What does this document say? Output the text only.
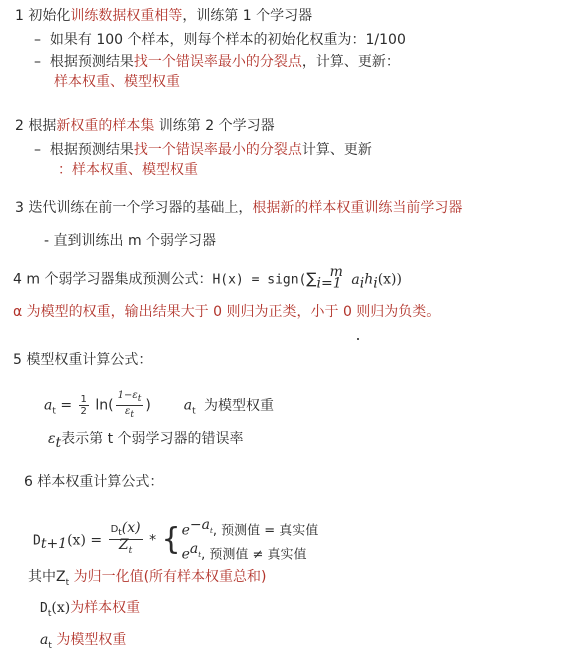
1 初始化训练数据权重相等，训练第 1 个学习器
–  如果有 100 个样本，则每个样本的初始化权重为：1/100
–  根据预测结果找一个错误率最小的分裂点，计算、更新：
样本权重、模型权重
2 根据新权重的样本集 训练第 2 个学习器
–  根据预测结果找一个错误率最小的分裂点计算、更新
：样本权重、模型权重
3 迭代训练在前一个学习器的基础上，根据新的样本权重训练当前学习器
- 直到训练出 m 个弱学习器
4 m 个弱学习器集成预测公式：$H(x) = sign(\sum_{i=1}^m$ $a_ih_i(x)$)
α 为模型的权重，输出结果大于 0 则归为正类，小于 0 则归为负类。
5 模型权重计算公式：
$a_t = \frac{1}{2} \ln( \frac{1-\varepsilon_t}{\varepsilon_t}$ ) $a_t$ 为模型权重
$\varepsilon_t$表示第 t 个弱学习器的错误率
6 样本权重计算公式：
$D_{t+1}(x) = \frac{D_t(x)}{Z_t}$ * { $e^{-a_t}$, 预测值 = 真实值
$e^{a_t}$, 预测值 ≠ 真实值
其中$Z_t$ 为归一化值(所有样本权重总和)
$D_t(x)$为样本权重
$a_t$ 为模型权重
